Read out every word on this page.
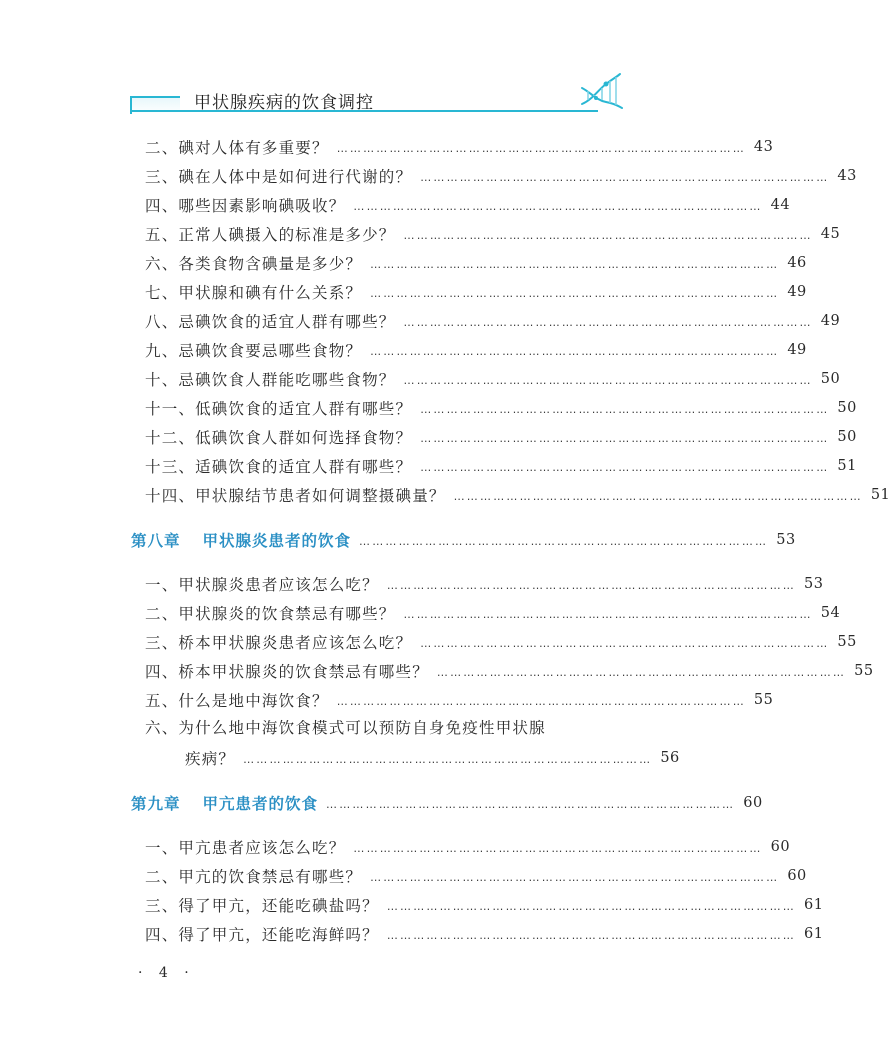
甲状腺疾病的饮食调控
二、碘对人体有多重要？ ………………………………………………………………………………… 43
三、碘在人体中是如何进行代谢的？ ………………………………………………………………………………… 43
四、哪些因素影响碘吸收？ ………………………………………………………………………………… 44
五、正常人碘摄入的标准是多少？ ………………………………………………………………………………… 45
六、各类食物含碘量是多少？ ………………………………………………………………………………… 46
七、甲状腺和碘有什么关系？ ………………………………………………………………………………… 49
八、忌碘饮食的适宜人群有哪些？ ………………………………………………………………………………… 49
九、忌碘饮食要忌哪些食物？ ………………………………………………………………………………… 49
十、忌碘饮食人群能吃哪些食物？ ………………………………………………………………………………… 50
十一、低碘饮食的适宜人群有哪些？ ………………………………………………………………………………… 50
十二、低碘饮食人群如何选择食物？ ………………………………………………………………………………… 50
十三、适碘饮食的适宜人群有哪些？ ………………………………………………………………………………… 51
十四、甲状腺结节患者如何调整摄碘量？ ………………………………………………………………………………… 51
第八章 甲状腺炎患者的饮食 ………………………………………………………………………………… 53
一、甲状腺炎患者应该怎么吃？ ………………………………………………………………………………… 53
二、甲状腺炎的饮食禁忌有哪些？ ………………………………………………………………………………… 54
三、桥本甲状腺炎患者应该怎么吃？ ………………………………………………………………………………… 55
四、桥本甲状腺炎的饮食禁忌有哪些？ ………………………………………………………………………………… 55
五、什么是地中海饮食？ ………………………………………………………………………………… 55
六、为什么地中海饮食模式可以预防自身免疫性甲状腺
疾病？ ………………………………………………………………………………… 56
第九章 甲亢患者的饮食 ………………………………………………………………………………… 60
一、甲亢患者应该怎么吃？ ………………………………………………………………………………… 60
二、甲亢的饮食禁忌有哪些？ ………………………………………………………………………………… 60
三、得了甲亢，还能吃碘盐吗？ ………………………………………………………………………………… 61
四、得了甲亢，还能吃海鲜吗？ ………………………………………………………………………………… 61
· 4 ·
